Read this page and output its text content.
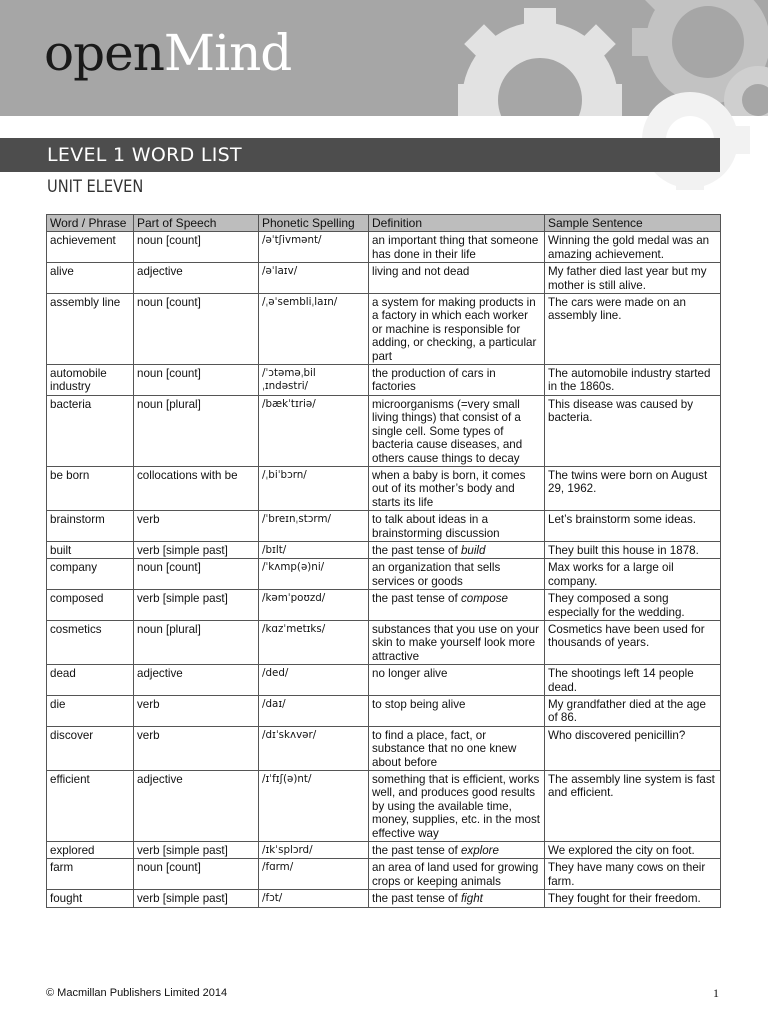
openMind
LEVEL 1 WORD LIST
UNIT ELEVEN
Word / Phrase	Part of Speech	Phonetic Spelling	Definition	Sample Sentence
achievement	noun [count]	/əˈtʃivmənt/	an important thing that someone has done in their life	Winning the gold medal was an amazing achievement.
alive	adjective	/əˈlaɪv/	living and not dead	My father died last year but my mother is still alive.
assembly line	noun [count]	/ˌəˈsembliˌlaɪn/	a system for making products in a factory in which each worker or machine is responsible for adding, or checking, a particular part	The cars were made on an assembly line.
automobile industry	noun [count]	/ˈɔtəməˌbil ˌɪndəstri/	the production of cars in factories	The automobile industry started in the 1860s.
bacteria	noun [plural]	/bækˈtɪriə/	microorganisms (=very small living things) that consist of a single cell. Some types of bacteria cause diseases, and others cause things to decay	This disease was caused by bacteria.
be born	collocations with be	/ˌbiˈbɔrn/	when a baby is born, it comes out of its mother’s body and starts its life	The twins were born on August 29, 1962.
brainstorm	verb	/ˈbreɪnˌstɔrm/	to talk about ideas in a brainstorming discussion	Let’s brainstorm some ideas.
built	verb [simple past]	/bɪlt/	the past tense of build	They built this house in 1878.
company	noun [count]	/ˈkʌmp(ə)ni/	an organization that sells services or goods	Max works for a large oil company.
composed	verb [simple past]	/kəmˈpoʊzd/	the past tense of compose	They composed a song especially for the wedding.
cosmetics	noun [plural]	/kɑzˈmetɪks/	substances that you use on your skin to make yourself look more attractive	Cosmetics have been used for thousands of years.
dead	adjective	/ded/	no longer alive	The shootings left 14 people dead.
die	verb	/daɪ/	to stop being alive	My grandfather died at the age of 86.
discover	verb	/dɪˈskʌvər/	to find a place, fact, or substance that no one knew about before	Who discovered penicillin?
efficient	adjective	/ɪˈfɪʃ(ə)nt/	something that is efficient, works well, and produces good results by using the available time, money, supplies, etc. in the most effective way	The assembly line system is fast and efficient.
explored	verb [simple past]	/ɪkˈsplɔrd/	the past tense of explore	We explored the city on foot.
farm	noun [count]	/fɑrm/	an area of land used for growing crops or keeping animals	They have many cows on their farm.
fought	verb [simple past]	/fɔt/	the past tense of fight	They fought for their freedom.
© Macmillan Publishers Limited 2014	1
